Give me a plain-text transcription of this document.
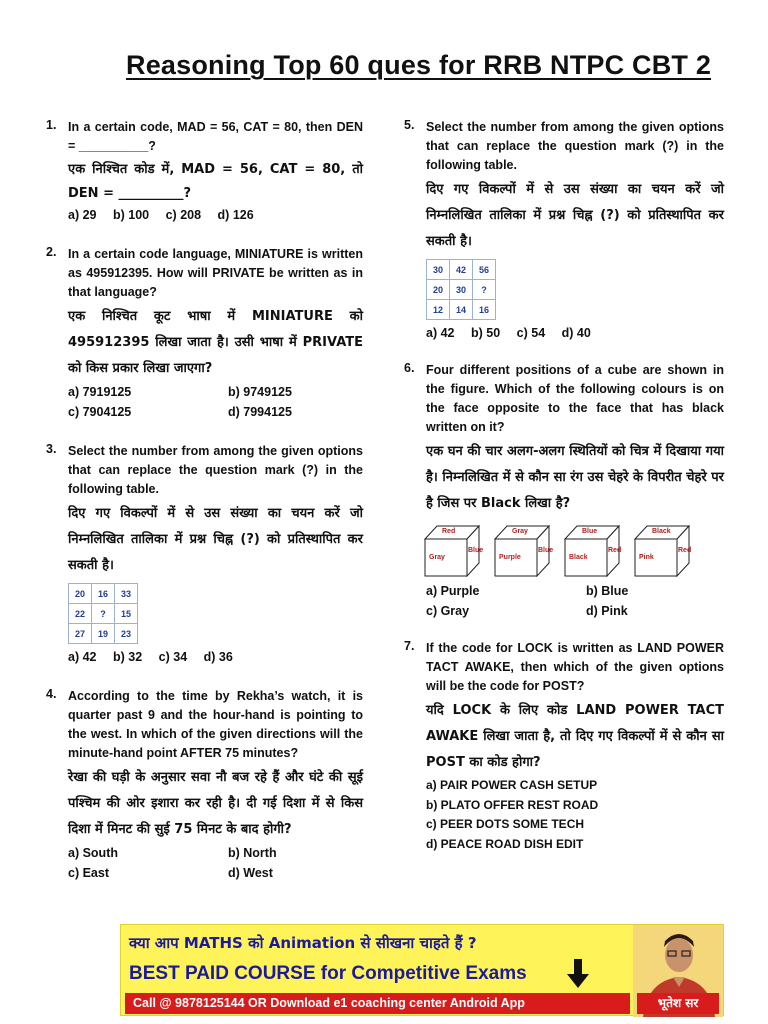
Reasoning Top 60 ques for RRB NTPC CBT 2
1. In a certain code, MAD = 56, CAT = 80, then DEN = __________?
एक निश्चित कोड में, MAD = 56, CAT = 80, तो DEN = __________?
a) 29 b) 100 c) 208 d) 126
2. In a certain code language, MINIATURE is written as 495912395. How will PRIVATE be written as in that language?
एक निश्चित कूट भाषा में MINIATURE को 495912395 लिखा जाता है। उसी भाषा में PRIVATE को किस प्रकार लिखा जाएगा?
a) 7919125	b) 9749125
c) 7904125	d) 7994125
3. Select the number from among the given options that can replace the question mark (?) in the following table.
दिए गए विकल्पों में से उस संख्या का चयन करें जो निम्नलिखित तालिका में प्रश्न चिह्न (?) को प्रतिस्थापित कर सकती है।
20	16	33
22	?	15
27	19	23
a) 42 b) 32 c) 34 d) 36
4. According to the time by Rekha’s watch, it is quarter past 9 and the hour-hand is pointing to the west. In which of the given directions will the minute-hand point AFTER 75 minutes?
रेखा की घड़ी के अनुसार सवा नौ बज रहे हैं और घंटे की सूई पश्चिम की ओर इशारा कर रही है। दी गई दिशा में से किस दिशा में मिनट की सुई 75 मिनट के बाद होगी?
a) South	b) North
c) East	d) West
5. Select the number from among the given options that can replace the question mark (?) in the following table.
दिए गए विकल्पों में से उस संख्या का चयन करें जो निम्नलिखित तालिका में प्रश्न चिह्न (?) को प्रतिस्थापित कर सकती है।
30	42	56
20	30	?
12	14	16
a) 42 b) 50 c) 54 d) 40
6. Four different positions of a cube are shown in the figure. Which of the following colours is on the face opposite to the face that has black written on it?
एक घन की चार अलग-अलग स्थितियों को चित्र में दिखाया गया है। निम्नलिखित में से कौन सा रंग उस चेहरे के विपरीत चेहरे पर है जिस पर Black लिखा है?
Red
Gray
Blue
Gray
Purple
Blue
Blue
Black
Red
Black
Pink
Red
a) Purple	b) Blue
c) Gray	d) Pink
7. If the code for LOCK is written as LAND POWER TACT AWAKE, then which of the given options will be the code for POST?
यदि LOCK के लिए कोड LAND POWER TACT AWAKE लिखा जाता है, तो दिए गए विकल्पों में से कौन सा POST का कोड होगा?
a) PAIR POWER CASH SETUP
b) PLATO OFFER REST ROAD
c) PEER DOTS SOME TECH
d) PEACE ROAD DISH EDIT
क्या आप MATHS को Animation से सीखना चाहते हैं ?
BEST PAID COURSE for Competitive Exams
Call @ 9878125144 OR Download e1 coaching center Android App	भूतेश सर
